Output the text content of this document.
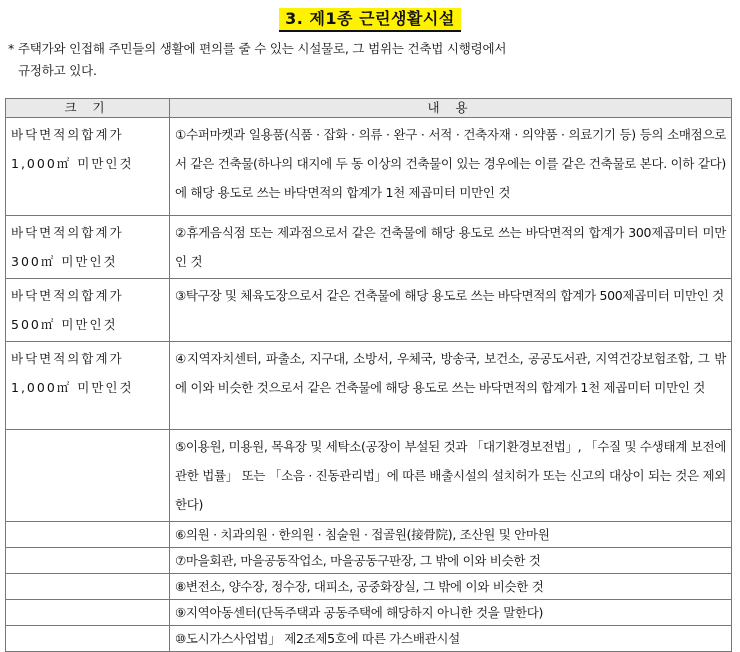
3. 제1종 근린생활시설
* 주택가와 인접해 주민들의 생활에 편의를 줄 수 있는 시설물로, 그 범위는 건축법 시행령에서
규정하고 있다.
크 기	내 용

바닥면적의합계가
1,000㎡ 미만인것	①수퍼마켓과 일용품(식품 · 잡화 · 의류 · 완구 · 서적 · 건축자재 · 의약품 · 의료기기 등) 등의 소매점으로서 같은 건축물(하나의 대지에 두 동 이상의 건축물이 있는 경우에는 이를 같은 건축물로 본다. 이하 같다)에 해당 용도로 쓰는 바닥면적의 합계가 1천 제곱미터 미만인 것

바닥면적의합계가
300㎡ 미만인것	②휴게음식점 또는 제과점으로서 같은 건축물에 해당 용도로 쓰는 바닥면적의 합계가 300제곱미터 미만인 것

바닥면적의합계가
500㎡ 미만인것	③탁구장 및 체육도장으로서 같은 건축물에 해당 용도로 쓰는 바닥면적의 합계가 500제곱미터 미만인 것

바닥면적의합계가
1,000㎡ 미만인것	④지역자치센터, 파출소, 지구대, 소방서, 우체국, 방송국, 보건소, 공공도서관, 지역건강보험조합, 그 밖에 이와 비슷한 것으로서 같은 건축물에 해당 용도로 쓰는 바닥면적의 합계가 1천 제곱미터 미만인 것
	⑤이용원, 미용원, 목욕장 및 세탁소(공장이 부설된 것과 「대기환경보전법」, 「수질 및 수생태계 보전에 관한 법률」 또는 「소음 · 진동관리법」에 따른 배출시설의 설치허가 또는 신고의 대상이 되는 것은 제외한다)
	⑥의원 · 치과의원 · 한의원 · 침술원 · 접골원(接骨院), 조산원 및 안마원
	⑦마을회관, 마을공동작업소, 마을공동구판장, 그 밖에 이와 비슷한 것
	⑧변전소, 양수장, 정수장, 대피소, 공중화장실, 그 밖에 이와 비슷한 것
	⑨지역아동센터(단독주택과 공동주택에 해당하지 아니한 것을 말한다)
	⑩도시가스사업법」 제2조제5호에 따른 가스배관시설
